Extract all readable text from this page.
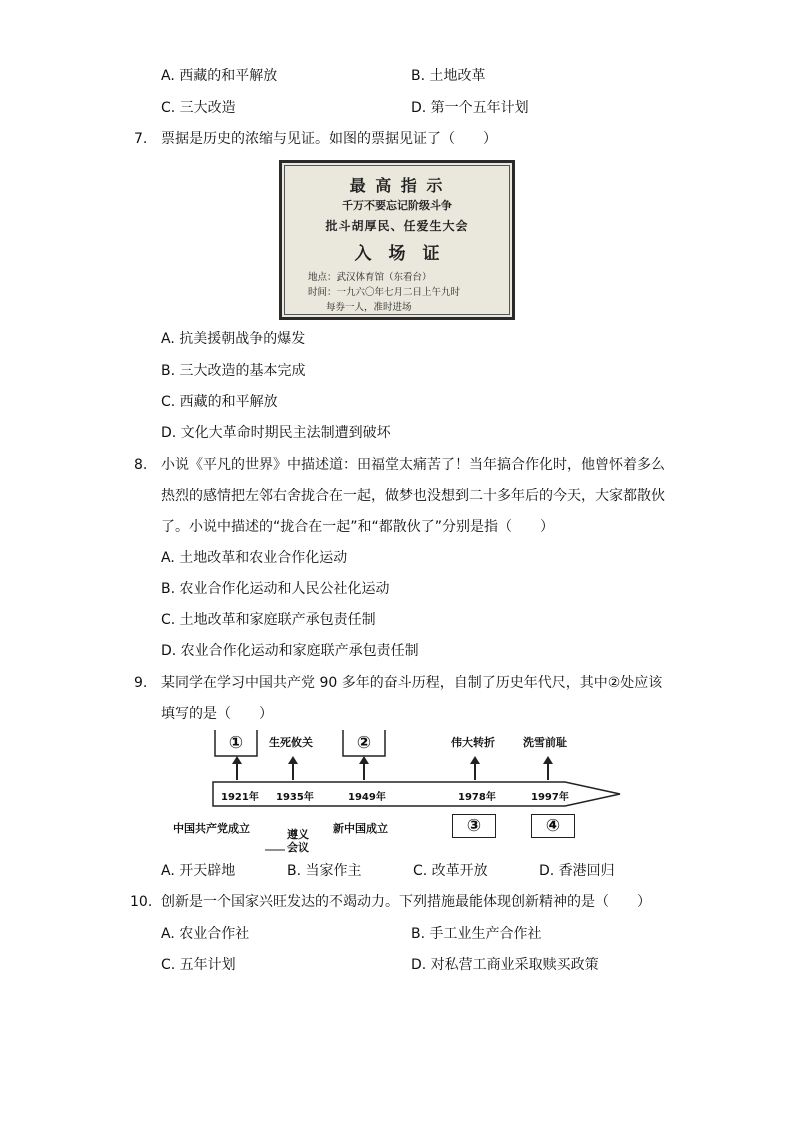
A. 西藏的和平解放	B. 土地改革
C. 三大改造	D. 第一个五年计划
7. 票据是历史的浓缩与见证。如图的票据见证了（　　）
最 高 指 示
千万不要忘记阶级斗争
批斗胡厚民、任爱生大会
入　场　证
地点：武汉体育馆（东看台）
时间：一九六〇年七月二日上午九时
每券一人，准时进场
A. 抗美援朝战争的爆发
B. 三大改造的基本完成
C. 西藏的和平解放
D. 文化大革命时期民主法制遭到破坏
8. 小说《平凡的世界》中描述道：田福堂太痛苦了！当年搞合作化时，他曾怀着多么
热烈的感情把左邻右舍拢合在一起，做梦也没想到二十多年后的今天，大家都散伙
了。小说中描述的“拢合在一起”和“都散伙了”分别是指（　　）
A. 土地改革和农业合作化运动
B. 农业合作化运动和人民公社化运动
C. 土地改革和家庭联产承包责任制
D. 农业合作化运动和家庭联产承包责任制
9. 某同学在学习中国共产党 90 多年的奋斗历程，自制了历史年代尺，其中②处应该
填写的是（　　）
①	②
生死攸关	伟大转折	洗雪前耻
1921年 1935年	1949年	1978年	1997年
中国共产党成立	遵义
会议
新中国成立	③	④
A. 开天辟地	B. 当家作主	C. 改革开放	D. 香港回归
10. 创新是一个国家兴旺发达的不竭动力。下列措施最能体现创新精神的是（　　）
A. 农业合作社	B. 手工业生产合作社
C. 五年计划	D. 对私营工商业采取赎买政策
